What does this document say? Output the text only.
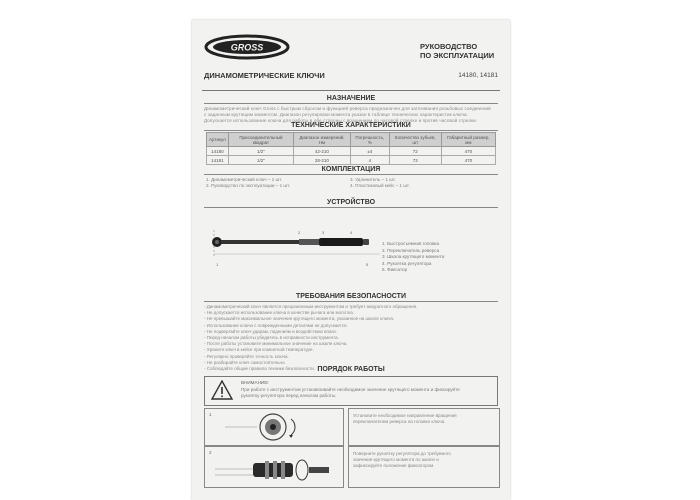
GROSS	РУКОВОДСТВО
ПО ЭКСПЛУАТАЦИИ
ДИНАМОМЕТРИЧЕСКИЕ КЛЮЧИ	14180, 14181
НАЗНАЧЕНИЕ
Динамометрический ключ Gross с быстрым сбросом и функцией реверса предназначен для затягивания резьбовых соединений
с заданным крутящим моментом. Диапазон регулировки момента указан в таблице технических характеристик ключа.
Допускается использование ключа для работы в обе стороны с вращением по часовой стрелке и против часовой стрелки.
ТЕХНИЧЕСКИЕ ХАРАКТЕРИСТИКИ
Артикул	Присоединительный квадрат	Диапазон измерений, Нм	Погрешность, %	Количество зубьев, шт	Габаритный размер, мм
14180	1/2"	42-210	±4	72	470
14181	1/2"	28-210	4	72	470
КОМПЛЕКТАЦИЯ
1. Динамометрический ключ – 1 шт.
2. Руководство по эксплуатации – 1 шт.
3. Удлинитель – 1 шт.
4. Пластиковый кейс – 1 шт.
УСТРОЙСТВО
1
2	3	4
5
1. Быстросъемная головка
2. Переключатель реверса
3. Шкала крутящего момента
4. Рукоятка регулятора
5. Фиксатор
ТРЕБОВАНИЯ БЕЗОПАСНОСТИ
- Динамометрический ключ является прецизионным инструментом и требует аккуратного обращения.
- Не допускается использование ключа в качестве рычага или молотка.
- Не превышайте максимальное значение крутящего момента, указанное на шкале ключа.
- Использование ключа с поврежденными деталями не допускается.
- Не подвергайте ключ ударам, падениям и воздействию влаги.
- Перед началом работы убедитесь в исправности инструмента.
- После работы установите минимальное значение на шкале ключа.
- Храните ключ в кейсе при комнатной температуре.
- Регулярно проверяйте точность ключа.
- Не разбирайте ключ самостоятельно.
- Соблюдайте общие правила техники безопасности. ПОРЯДОК РАБОТЫ
ВНИМАНИЕ!
При работе с инструментом устанавливайте необходимое значение крутящего момента и фиксируйте
рукоятку регулятора перед началом работы.
1	Установите необходимое направление вращения
переключателем реверса на головке ключа.
2	Поверните рукоятку регулятора до требуемого
значения крутящего момента по шкале и
зафиксируйте положение фиксатором.
